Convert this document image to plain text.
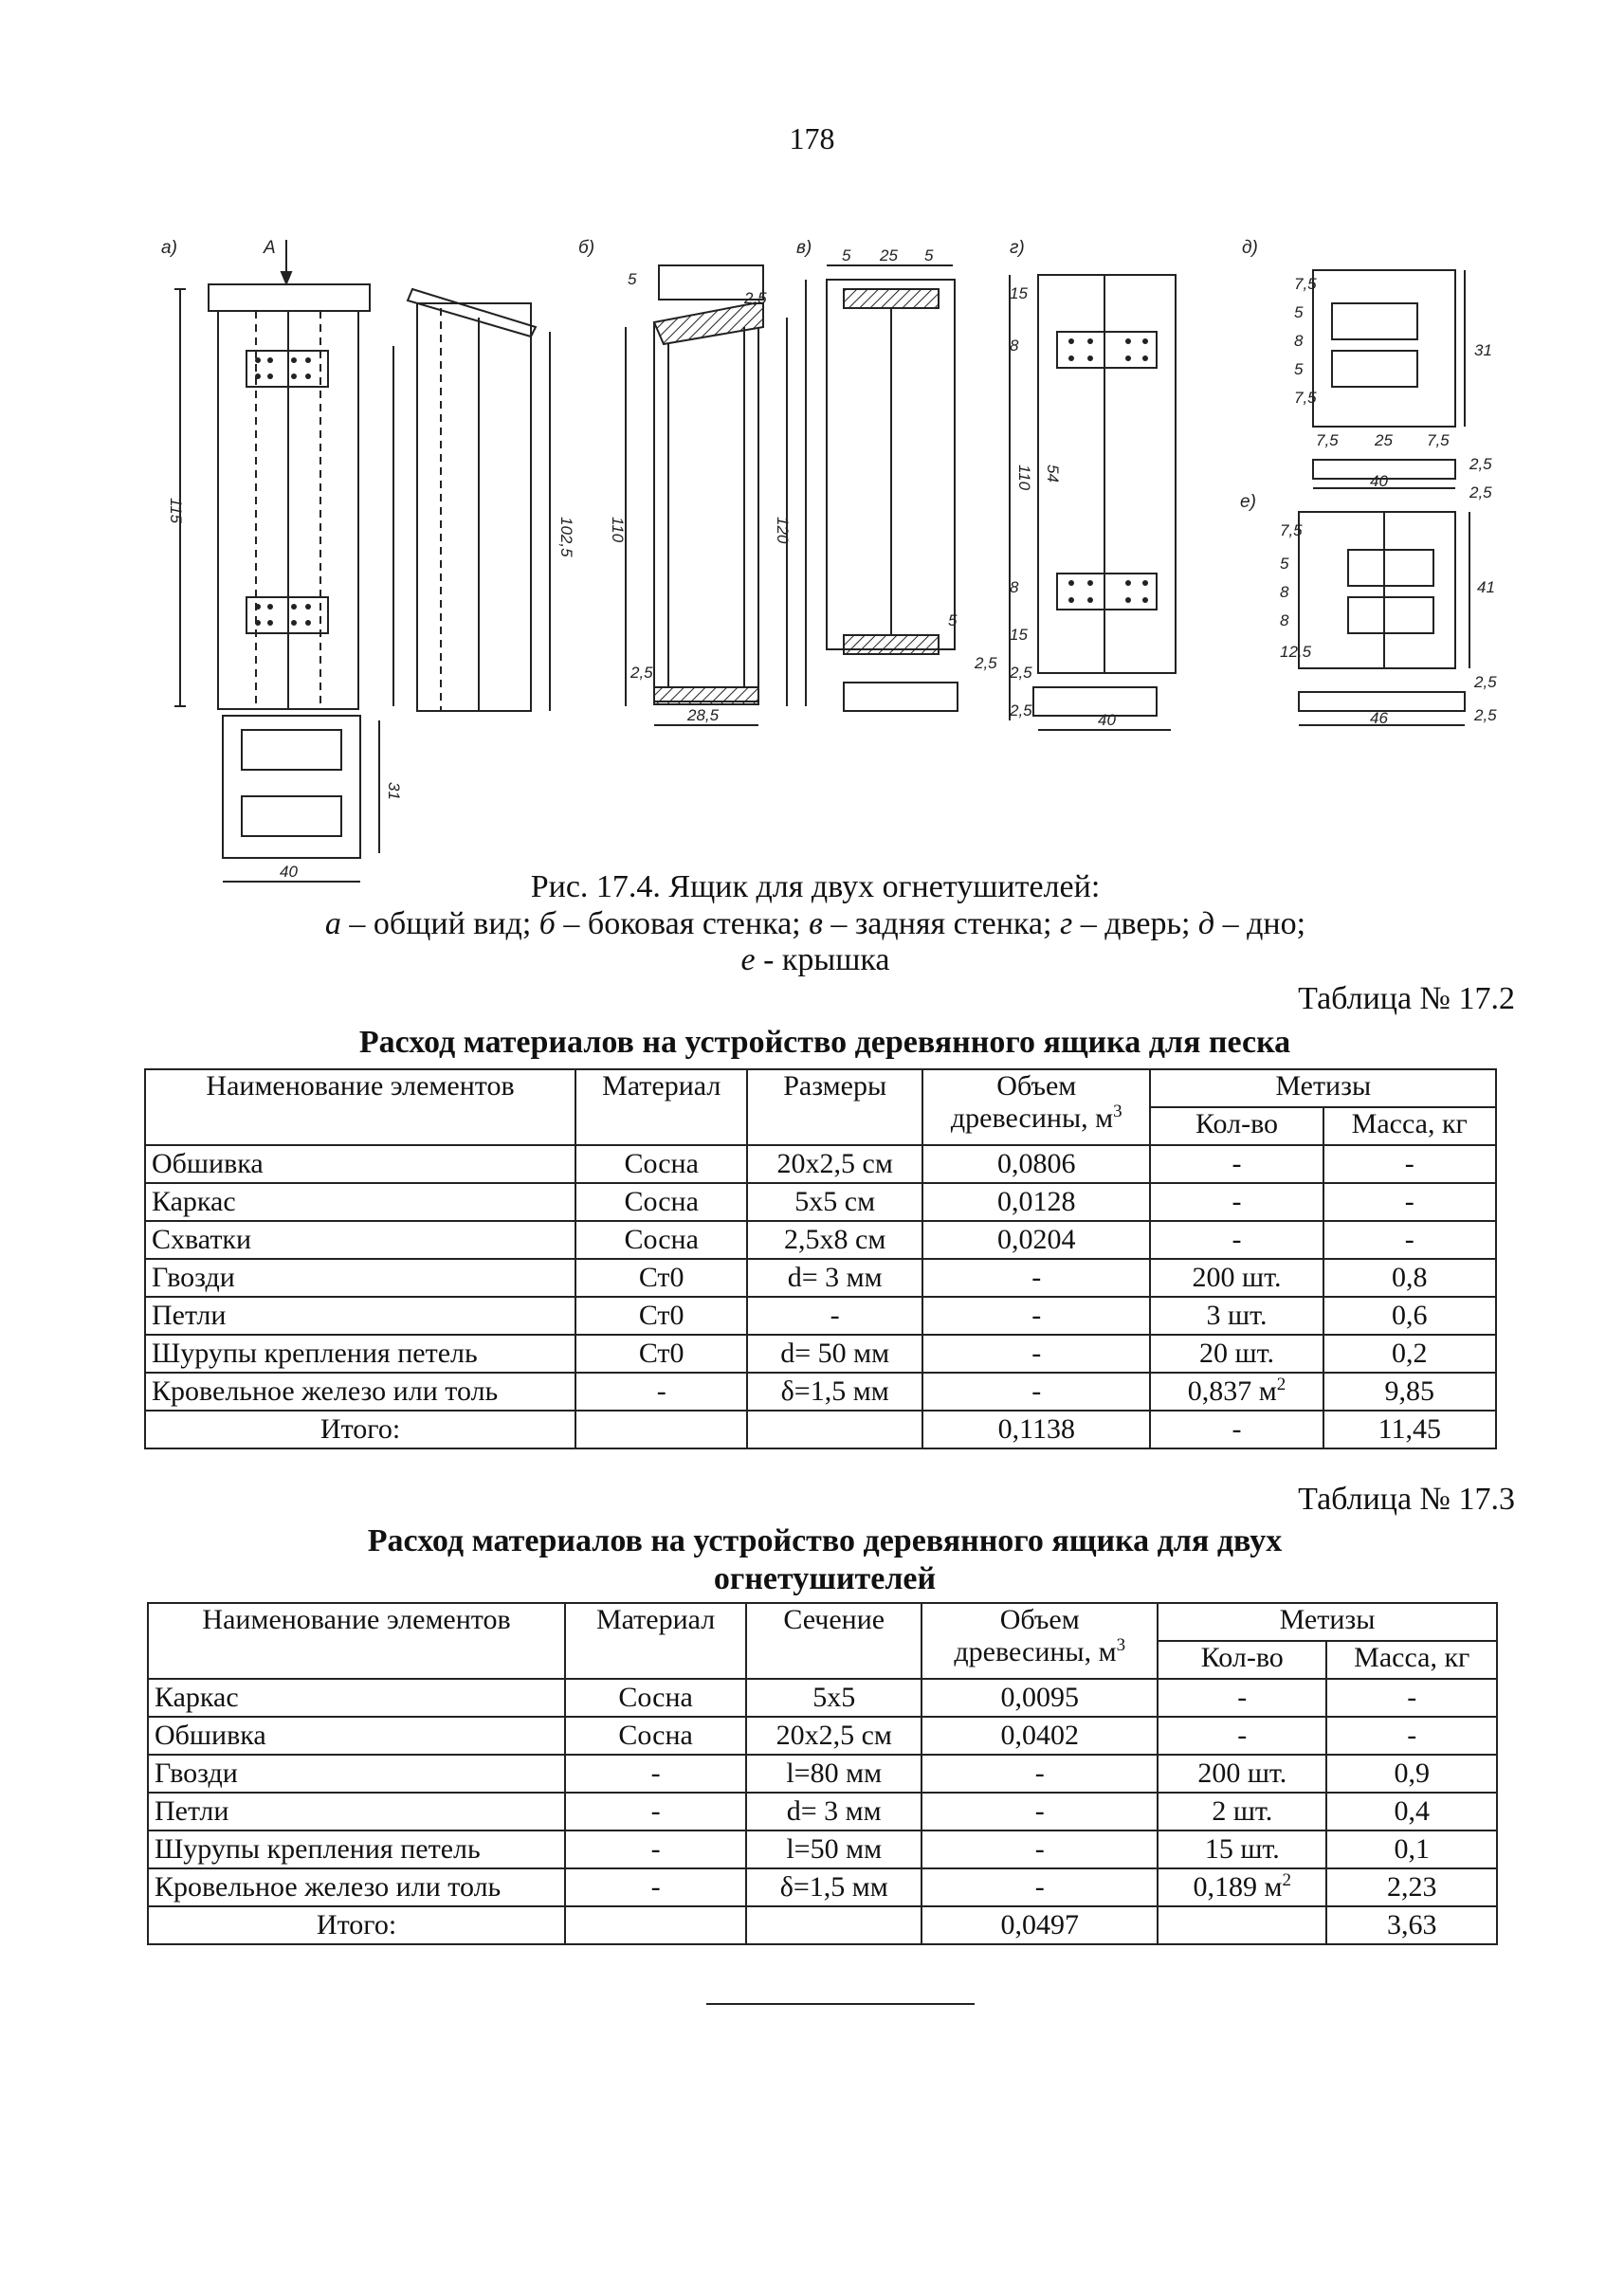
178
а)	б)	в)	г)	д)
е)
А
115
102,5
31
40
110	120
5
2,5
2,5
28,5
5 25 5
110
5
2,5
15
8
54
8
15
2,5
2,5
40
7,5
5
8
5
7,5
31
7,5 25 7,5
2,5
2,5
40
7,5
5
8
8
12,5
41
2,5
2,5
46
Рис. 17.4. Ящик для двух огнетушителей:
а – общий вид; б – боковая стенка; в – задняя стенка; г – дверь; д – дно;
е - крышка
Таблица № 17.2
Расход материалов на устройство деревянного ящика для песка
Наименование элементов	Материал	Размеры	Объем древесины, $м^3$	Метизы	
				Кол-во	Масса, кг
Обшивка	Сосна	20х2,5 см	0,0806	-	-
Каркас	Сосна	5х5 см	0,0128	-	-
Схватки	Сосна	2,5х8 см	0,0204	-	-
Гвозди	Ст0	d= 3 мм	-	200 шт.	0,8
Петли	Ст0	-	-	3 шт.	0,6
Шурупы крепления петель	Ст0	d= 50 мм	-	20 шт.	0,2
Кровельное железо или толь	-	δ=1,5 мм	-	0,837 $м^2$	9,85
Итого:			0,1138	-	11,45
Таблица № 17.3
Расход материалов на устройство деревянного ящика для двух
огнетушителей
Наименование элементов	Материал	Сечение	Объем древесины, $м^3$	Метизы	
				Кол-во	Масса, кг
Каркас	Сосна	5х5	0,0095	-	-
Обшивка	Сосна	20х2,5 см	0,0402	-	-
Гвозди	-	l=80 мм	-	200 шт.	0,9
Петли	-	d= 3 мм	-	2 шт.	0,4
Шурупы крепления петель	-	l=50 мм	-	15 шт.	0,1
Кровельное железо или толь	-	δ=1,5 мм	-	0,189 $м^2$	2,23
Итого:			0,0497		3,63
